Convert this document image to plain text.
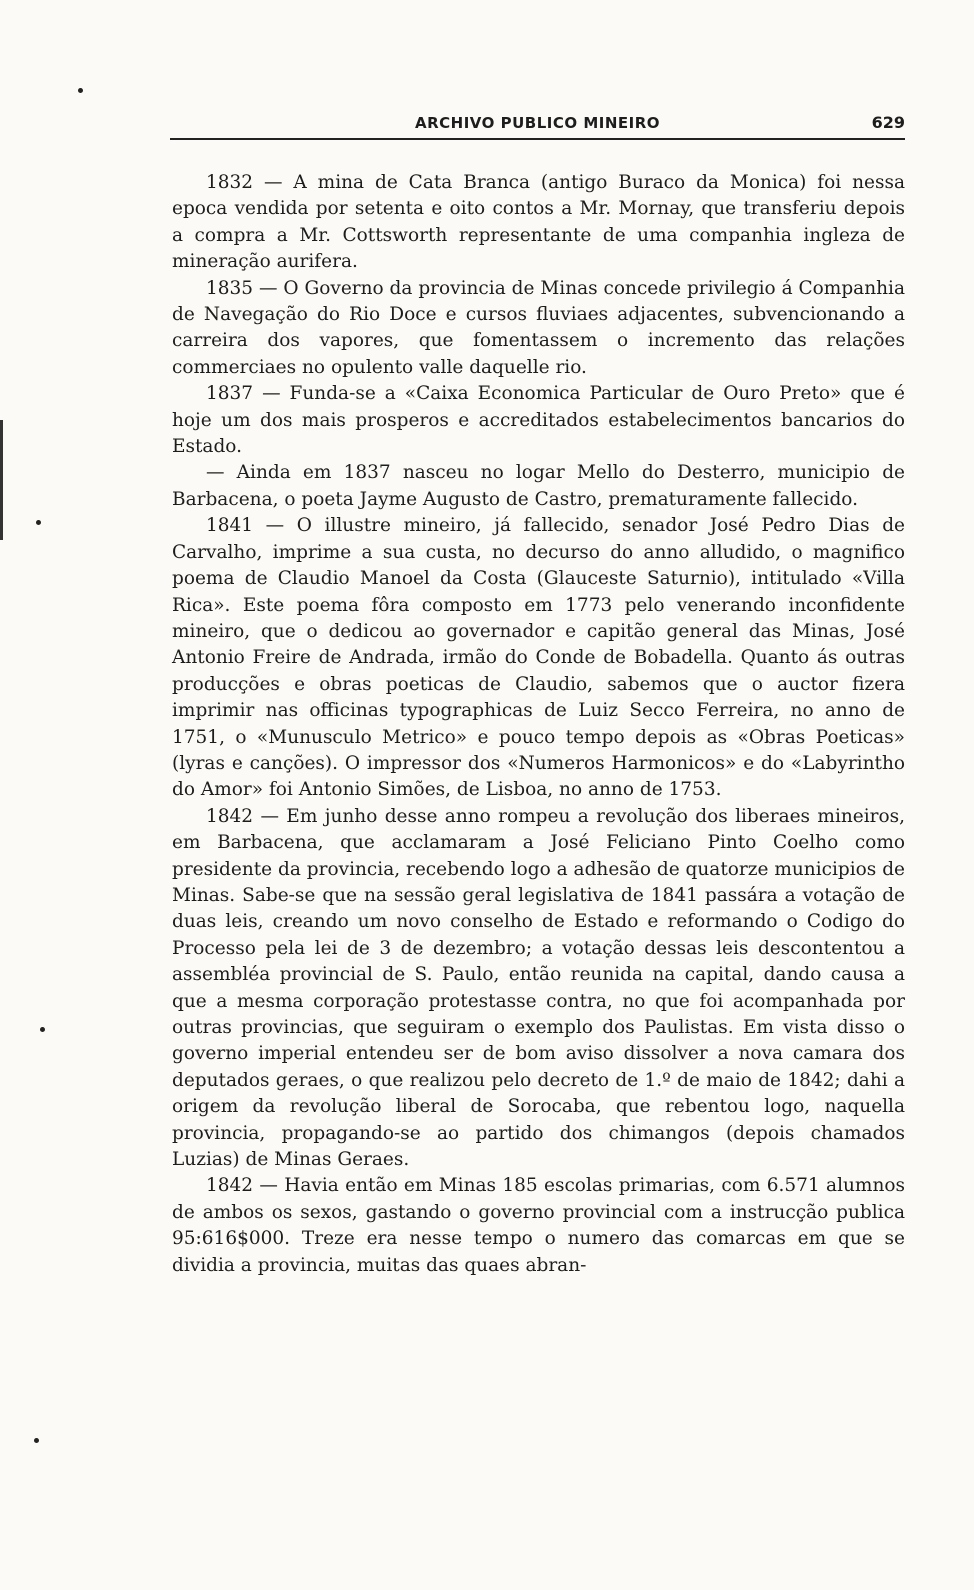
ARCHIVO PUBLICO MINEIRO	629

1832 — A mina de Cata Branca (antigo Buraco da Monica) foi nessa epoca vendida por setenta e oito contos a Mr. Mornay, que transferiu depois a compra a Mr. Cottsworth representante de uma companhia ingleza de mineração aurifera.

1835 — O Governo da provincia de Minas concede privilegio á Companhia de Navegação do Rio Doce e cursos fluviaes adjacentes, subvencionando a carreira dos vapores, que fomentassem o incremento das relações commerciaes no opulento valle daquelle rio.

1837 — Funda-se a «Caixa Economica Particular de Ouro Preto» que é hoje um dos mais prosperos e accreditados estabelecimentos bancarios do Estado.

— Ainda em 1837 nasceu no logar Mello do Desterro, municipio de Barbacena, o poeta Jayme Augusto de Castro, prematuramente fallecido.

1841 — O illustre mineiro, já fallecido, senador José Pedro Dias de Carvalho, imprime a sua custa, no decurso do anno alludido, o magnifico poema de Claudio Manoel da Costa (Glauceste Saturnio), intitulado «Villa Rica». Este poema fôra composto em 1773 pelo venerando inconfidente mineiro, que o dedicou ao governador e capitão general das Minas, José Antonio Freire de Andrada, irmão do Conde de Bobadella. Quanto ás outras producções e obras poeticas de Claudio, sabemos que o auctor fizera imprimir nas officinas typographicas de Luiz Secco Ferreira, no anno de 1751, o «Munusculo Metrico» e pouco tempo depois as «Obras Poeticas» (lyras e canções). O impressor dos «Numeros Harmonicos» e do «Labyrintho do Amor» foi Antonio Simões, de Lisboa, no anno de 1753.

1842 — Em junho desse anno rompeu a revolução dos liberaes mineiros, em Barbacena, que acclamaram a José Feliciano Pinto Coelho como presidente da provincia, recebendo logo a adhesão de quatorze municipios de Minas. Sabe-se que na sessão geral legislativa de 1841 passára a votação de duas leis, creando um novo conselho de Estado e reformando o Codigo do Processo pela lei de 3 de dezembro; a votação dessas leis descontentou a assembléa provincial de S. Paulo, então reunida na capital, dando causa a que a mesma corporação protestasse contra, no que foi acompanhada por outras provincias, que seguiram o exemplo dos Paulistas. Em vista disso o governo imperial entendeu ser de bom aviso dissolver a nova camara dos deputados geraes, o que realizou pelo decreto de 1.º de maio de 1842; dahi a origem da revolução liberal de Sorocaba, que rebentou logo, naquella provincia, propagando-se ao partido dos chimangos (depois chamados Luzias) de Minas Geraes.

1842 — Havia então em Minas 185 escolas primarias, com 6.571 alumnos de ambos os sexos, gastando o governo provincial com a instrucção publica 95:616$000. Treze era nesse tempo o numero das comarcas em que se dividia a provincia, muitas das quaes abran-
